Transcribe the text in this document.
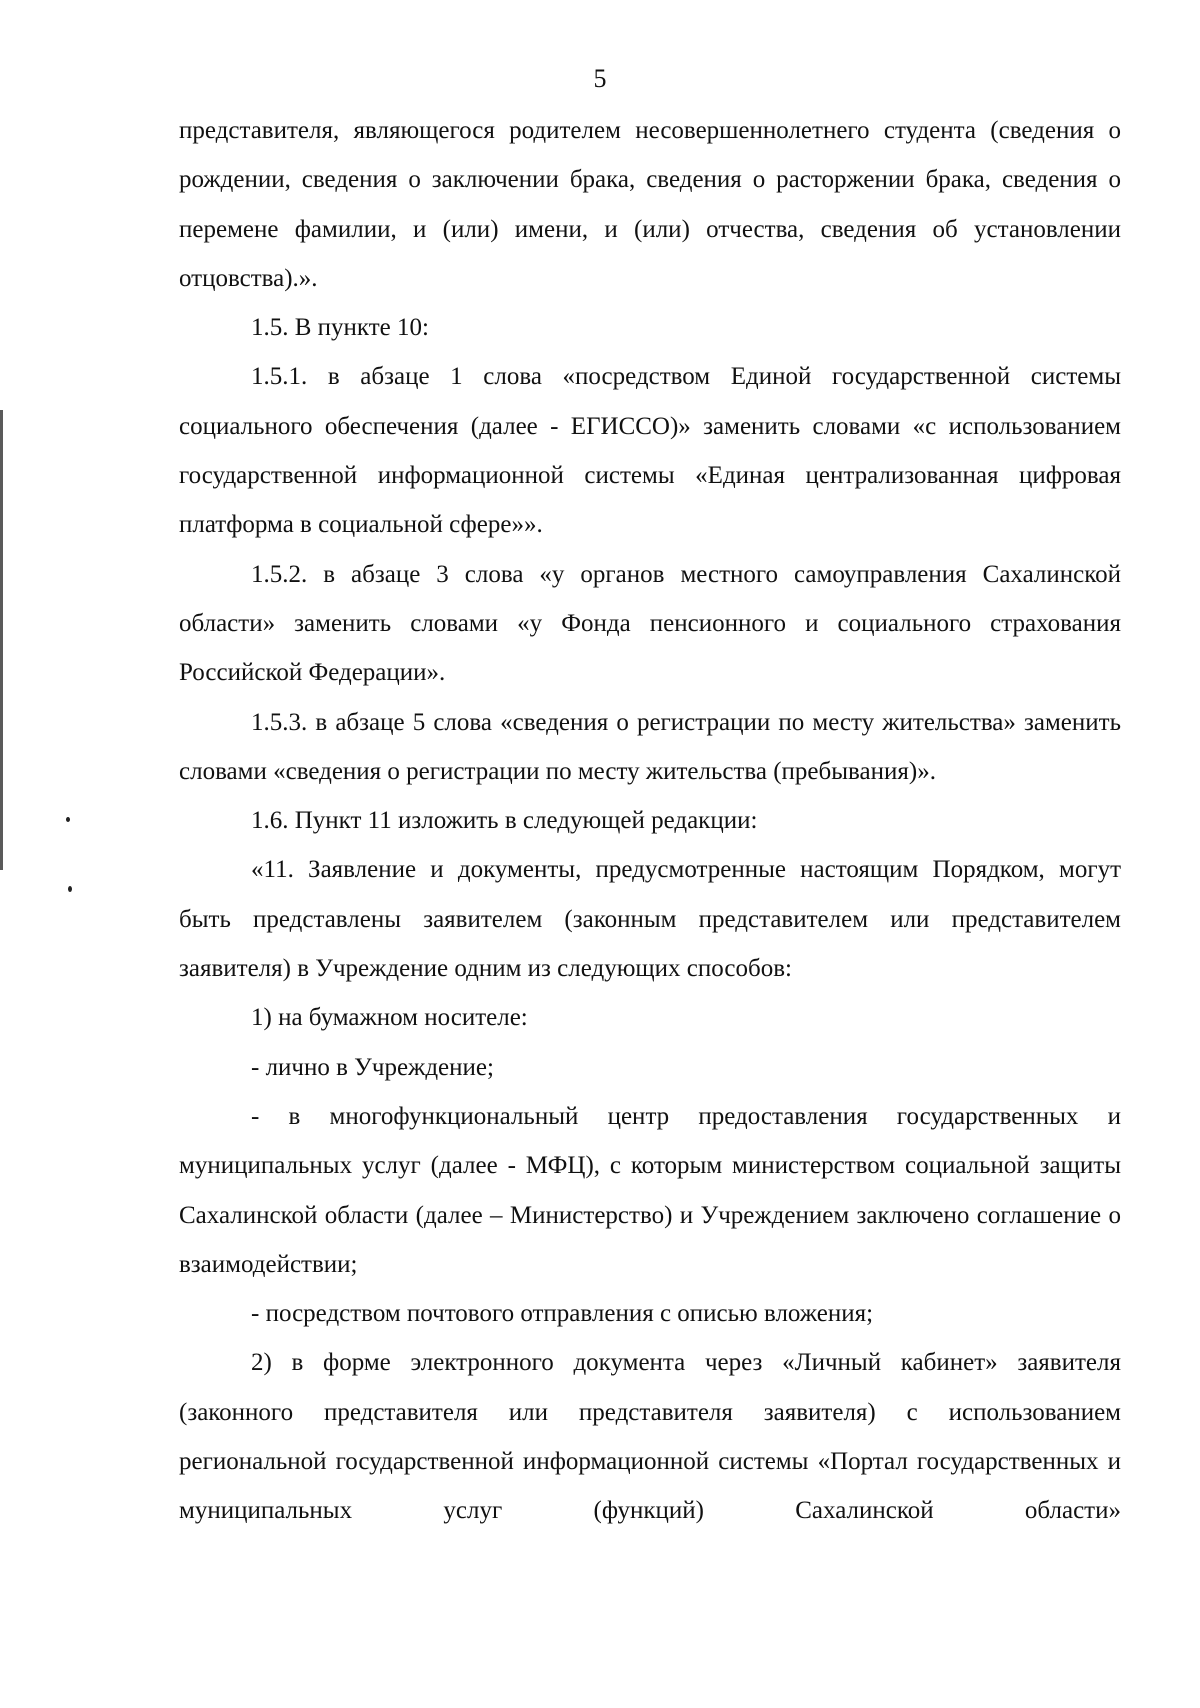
5

представителя, являющегося родителем несовершеннолетнего студента (сведения о рождении, сведения о заключении брака, сведения о расторжении брака, сведения о перемене фамилии, и (или) имени, и (или) отчества, сведения об установлении отцовства).».

1.5. В пункте 10:

1.5.1. в абзаце 1 слова «посредством Единой государственной системы социального обеспечения (далее - ЕГИССО)» заменить словами «с использованием государственной информационной системы «Единая централизованная цифровая платформа в социальной сфере»».

1.5.2. в абзаце 3 слова «у органов местного самоуправления Сахалинской области» заменить словами «у Фонда пенсионного и социального страхования Российской Федерации».

1.5.3. в абзаце 5 слова «сведения о регистрации по месту жительства» заменить словами «сведения о регистрации по месту жительства (пребывания)».

1.6. Пункт 11 изложить в следующей редакции:

«11. Заявление и документы, предусмотренные настоящим Порядком, могут быть представлены заявителем (законным представителем или представителем заявителя) в Учреждение одним из следующих способов:

1) на бумажном носителе:

- лично в Учреждение;

- в многофункциональный центр предоставления государственных и муниципальных услуг (далее - МФЦ), с которым министерством социальной защиты Сахалинской области (далее – Министерство) и Учреждением заключено соглашение о взаимодействии;

- посредством почтового отправления с описью вложения;

2) в форме электронного документа через «Личный кабинет» заявителя (законного представителя или представителя заявителя) с использованием региональной государственной информационной системы «Портал государственных и муниципальных услуг (функций) Сахалинской области»
